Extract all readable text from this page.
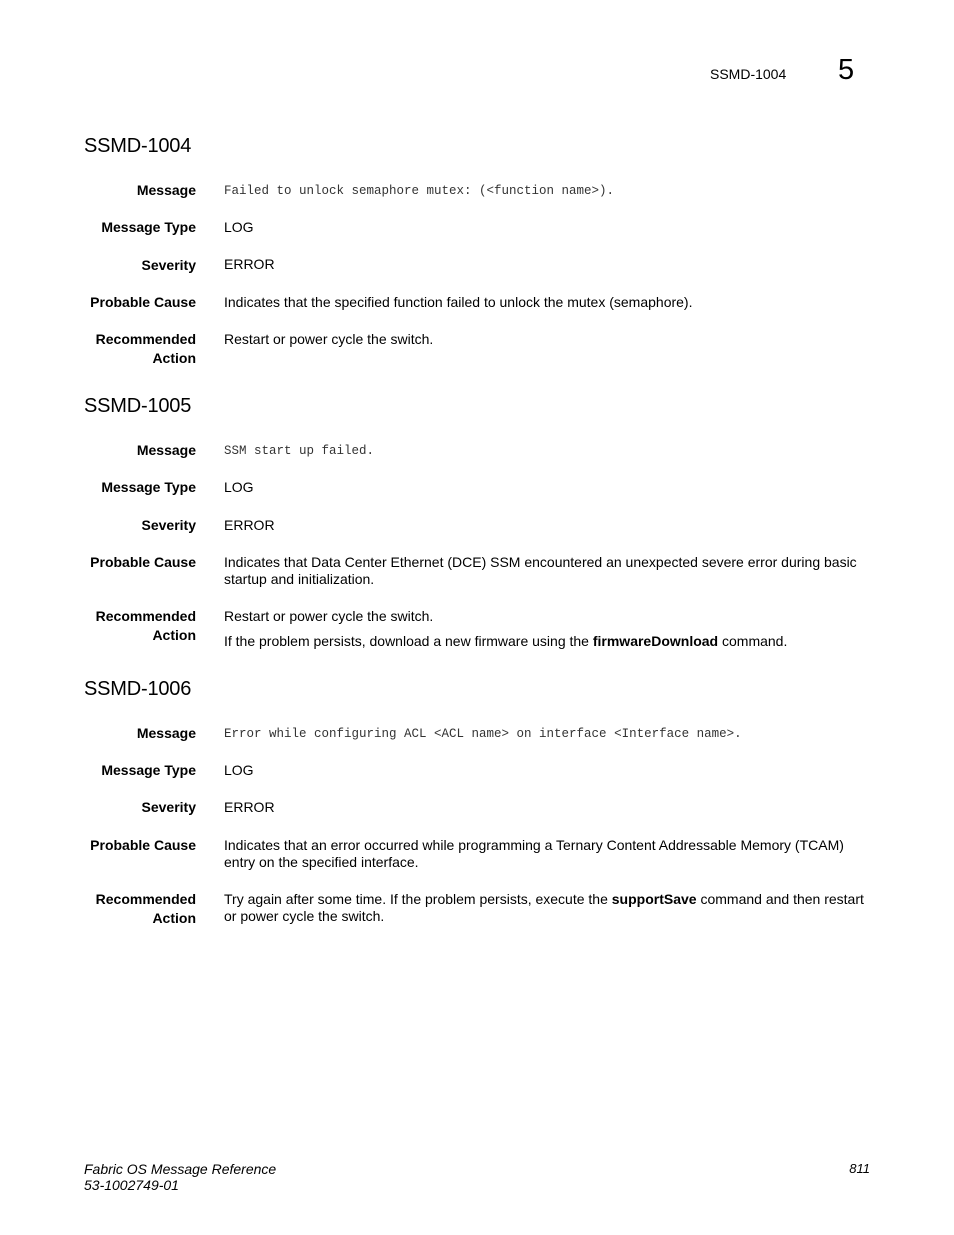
SSMD-1004 5
SSMD-1004
Message Failed to unlock semaphore mutex: (<function name>).
Message Type LOG
Severity ERROR
Probable Cause Indicates that the specified function failed to unlock the mutex (semaphore).
Recommended
Action

Restart or power cycle the switch.

SSMD-1005
Message SSM start up failed.
Message Type LOG
Severity ERROR
Probable Cause Indicates that Data Center Ethernet (DCE) SSM encountered an unexpected severe error during basic

startup and initialization.

Recommended
Action

Restart or power cycle the switch.

If the problem persists, download a new firmware using the firmwareDownload command.

SSMD-1006
Message Error while configuring ACL <ACL name> on interface <Interface name>.
Message Type LOG
Severity ERROR
Probable Cause Indicates that an error occurred while programming a Ternary Content Addressable Memory (TCAM)

entry on the specified interface.

Recommended
Action

Try again after some time. If the problem persists, execute the supportSave command and then restart

or power cycle the switch.

Fabric OS Message Reference
53-1002749-01
811
